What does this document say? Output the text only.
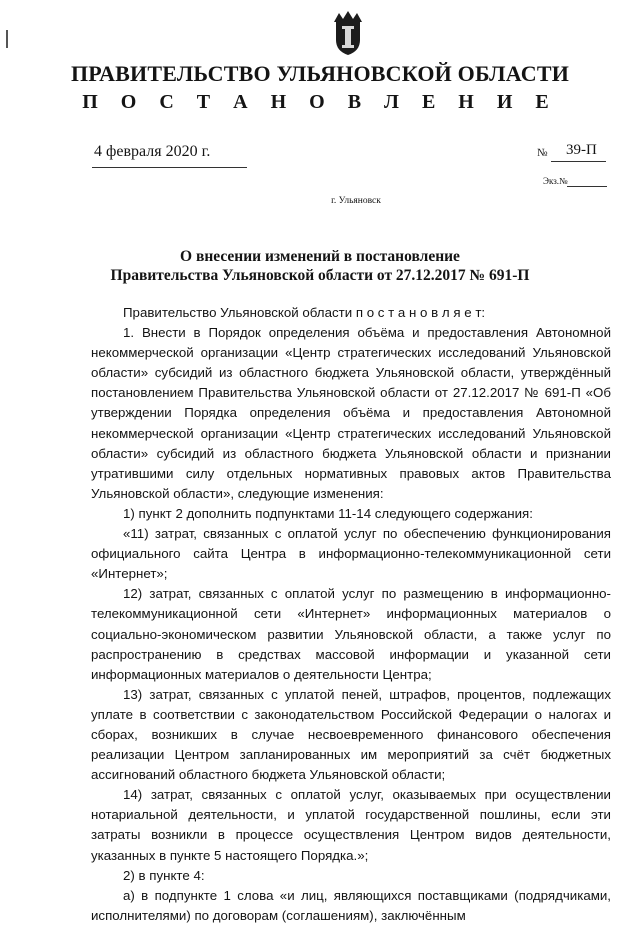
ПРАВИТЕЛЬСТВО УЛЬЯНОВСКОЙ ОБЛАСТИ
П О С Т А Н О В Л Е Н И Е
4 февраля 2020 г.	№ 39-П
Экз.№
г. Ульяновск
О внесении изменений в постановление
Правительства Ульяновской области от 27.12.2017 № 691-П

Правительство Ульяновской области п о с т а н о в л я е т:

1. Внести в Порядок определения объёма и предоставления Автономной некоммерческой организации «Центр стратегических исследований Ульяновской области» субсидий из областного бюджета Ульяновской области, утверждённый постановлением Правительства Ульяновской области от 27.12.2017 № 691-П «Об утверждении Порядка определения объёма и предоставления Автономной некоммерческой организации «Центр стратегических исследований Ульяновской области» субсидий из областного бюджета Ульяновской области и признании утратившими силу отдельных нормативных правовых актов Правительства Ульяновской области», следующие изменения:

1) пункт 2 дополнить подпунктами 11-14 следующего содержания:

«11) затрат, связанных с оплатой услуг по обеспечению функционирования официального сайта Центра в информационно-телекоммуникационной сети «Интернет»;

12) затрат, связанных с оплатой услуг по размещению в информационно-телекоммуникационной сети «Интернет» информационных материалов о социально-экономическом развитии Ульяновской области, а также услуг по распространению в средствах массовой информации и указанной сети информационных материалов о деятельности Центра;

13) затрат, связанных с уплатой пеней, штрафов, процентов, подлежащих уплате в соответствии с законодательством Российской Федерации о налогах и сборах, возникших в случае несвоевременного финансового обеспечения реализации Центром запланированных им мероприятий за счёт бюджетных ассигнований областного бюджета Ульяновской области;

14) затрат, связанных с оплатой услуг, оказываемых при осуществлении нотариальной деятельности, и уплатой государственной пошлины, если эти затраты возникли в процессе осуществления Центром видов деятельности, указанных в пункте 5 настоящего Порядка.»;

2) в пункте 4:

а) в подпункте 1 слова «и лиц, являющихся поставщиками (подрядчиками, исполнителями) по договорам (соглашениям), заключённым
